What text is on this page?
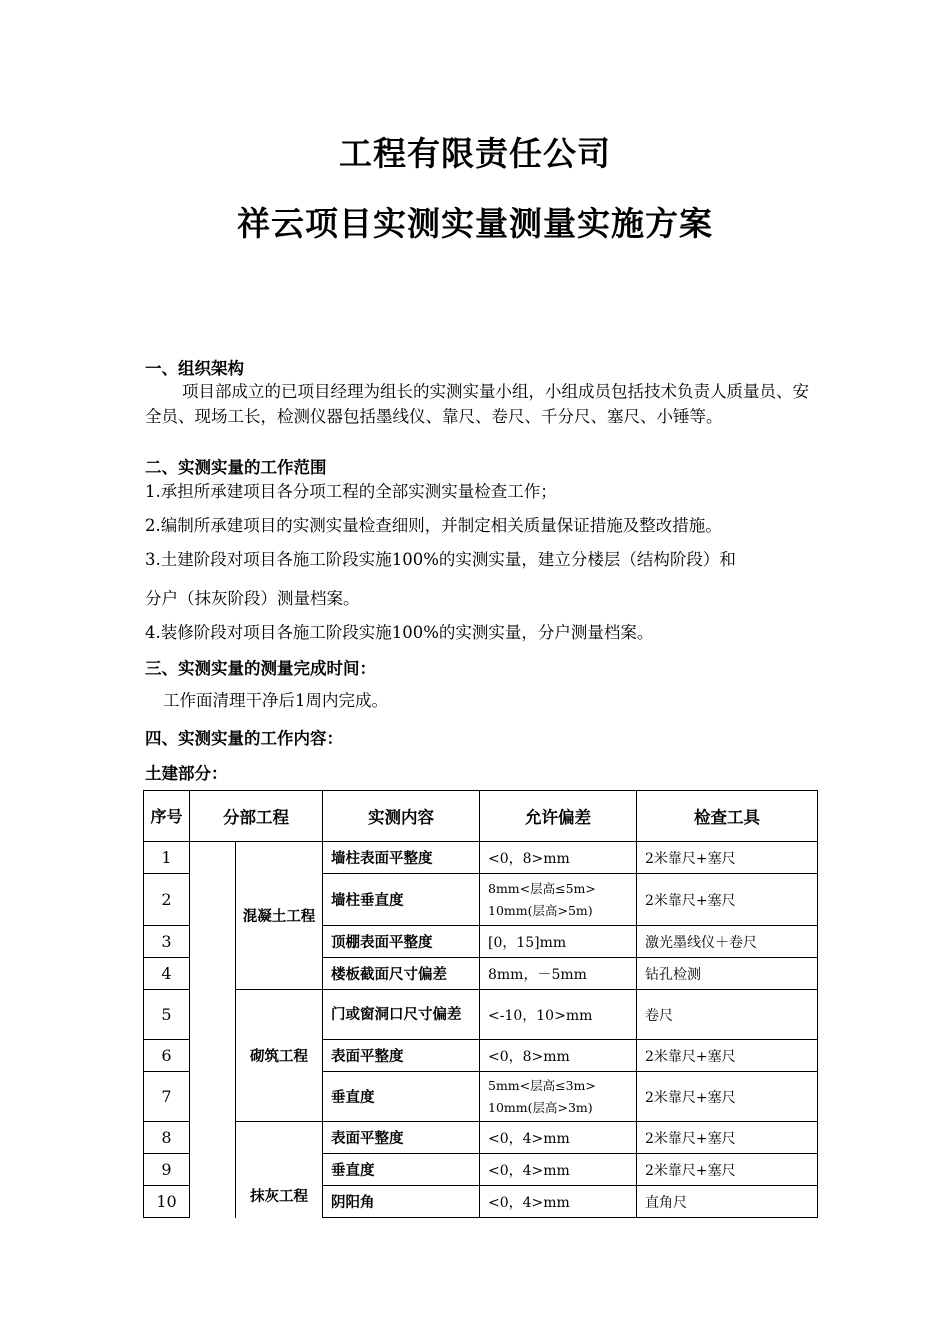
工程有限责任公司
祥云项目实测实量测量实施方案
一、组织架构
项目部成立的已项目经理为组长的实测实量小组，小组成员包括技术负责人质量员、安全员、现场工长，检测仪器包括墨线仪、靠尺、卷尺、千分尺、塞尺、小锤等。
二、实测实量的工作范围
1.承担所承建项目各分项工程的全部实测实量检查工作；
2.编制所承建项目的实测实量检查细则，并制定相关质量保证措施及整改措施。
3.土建阶段对项目各施工阶段实施100%的实测实量，建立分楼层（结构阶段）和
分户（抹灰阶段）测量档案。
4.装修阶段对项目各施工阶段实施100%的实测实量，分户测量档案。
三、实测实量的测量完成时间：
工作面清理干净后1周内完成。
四、实测实量的工作内容：
土建部分：
序号	分部工程		实测内容	允许偏差	检查工具
1		混凝土工程	墙柱表面平整度	<0，8>mm	2米靠尺+塞尺
2			墙柱垂直度	8mm<层高≤5m>
10mm(层高>5m)	2米靠尺+塞尺
3			顶棚表面平整度	[0，15]mm	激光墨线仪＋卷尺
4			楼板截面尺寸偏差	8mm，－5mm	钻孔检测
5		砌筑工程	门或窗洞口尺寸偏差	<-10，10>mm	卷尺
6			表面平整度	<0，8>mm	2米靠尺+塞尺
7			垂直度	5mm<层高≤3m>
10mm(层高>3m)	2米靠尺+塞尺
8		抹灰工程	表面平整度	<0，4>mm	2米靠尺+塞尺
9			垂直度	<0，4>mm	2米靠尺+塞尺
10			阴阳角	<0，4>mm	直角尺
